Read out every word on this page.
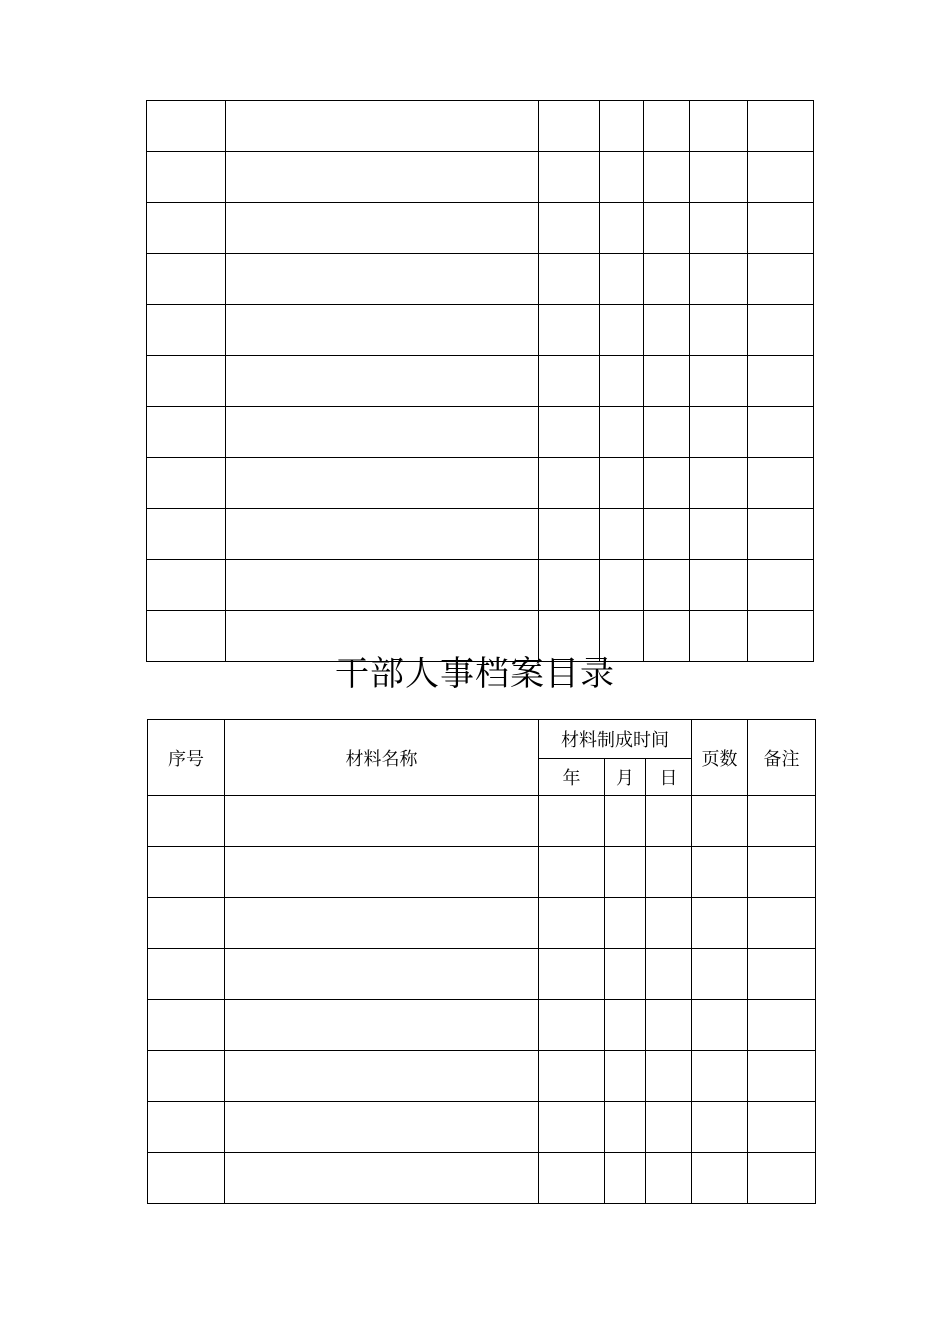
干部人事档案目录
序号	材料名称	材料制成时间			页数	备注
		年	月	日		
